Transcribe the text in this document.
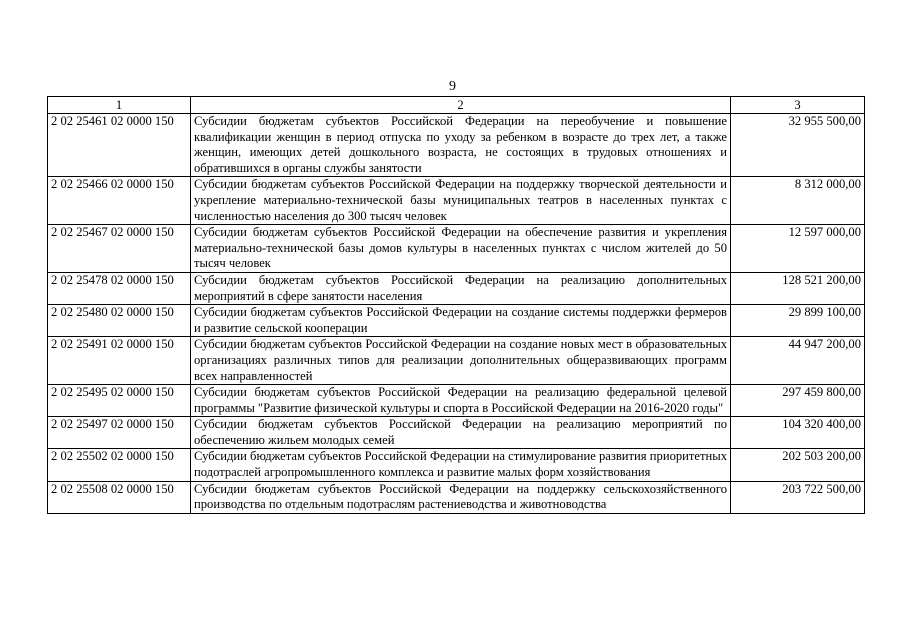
9
1	2	3
2 02 25461 02 0000 150	Субсидии бюджетам субъектов Российской Федерации на переобучение и повышение квалификации женщин в период отпуска по уходу за ребенком в возрасте до трех лет, а также женщин, имеющих детей дошкольного возраста, не состоящих в трудовых отношениях и обратившихся в органы службы занятости	32 955 500,00
2 02 25466 02 0000 150	Субсидии бюджетам субъектов Российской Федерации на поддержку творческой деятельности и укрепление материально-технической базы муниципальных театров в населенных пунктах с численностью населения до 300 тысяч человек	8 312 000,00
2 02 25467 02 0000 150	Субсидии бюджетам субъектов Российской Федерации на обеспечение развития и укрепления материально-технической базы домов культуры в населенных пунктах с числом жителей до 50 тысяч человек	12 597 000,00
2 02 25478 02 0000 150	Субсидии бюджетам субъектов Российской Федерации на реализацию дополнительных мероприятий в сфере занятости населения	128 521 200,00
2 02 25480 02 0000 150	Субсидии бюджетам субъектов Российской Федерации на создание системы поддержки фермеров и развитие сельской кооперации	29 899 100,00
2 02 25491 02 0000 150	Субсидии бюджетам субъектов Российской Федерации на создание новых мест в образовательных организациях различных типов для реализации дополнительных общеразвивающих программ всех направленностей	44 947 200,00
2 02 25495 02 0000 150	Субсидии бюджетам субъектов Российской Федерации на реализацию федеральной целевой программы "Развитие физической культуры и спорта в Российской Федерации на 2016-2020 годы"	297 459 800,00
2 02 25497 02 0000 150	Субсидии бюджетам субъектов Российской Федерации на реализацию мероприятий по обеспечению жильем молодых семей	104 320 400,00
2 02 25502 02 0000 150	Субсидии бюджетам субъектов Российской Федерации на стимулирование развития приоритетных подотраслей агропромышленного комплекса и развитие малых форм хозяйствования	202 503 200,00
2 02 25508 02 0000 150	Субсидии бюджетам субъектов Российской Федерации на поддержку сельскохозяйственного производства по отдельным подотраслям растениеводства и животноводства	203 722 500,00
